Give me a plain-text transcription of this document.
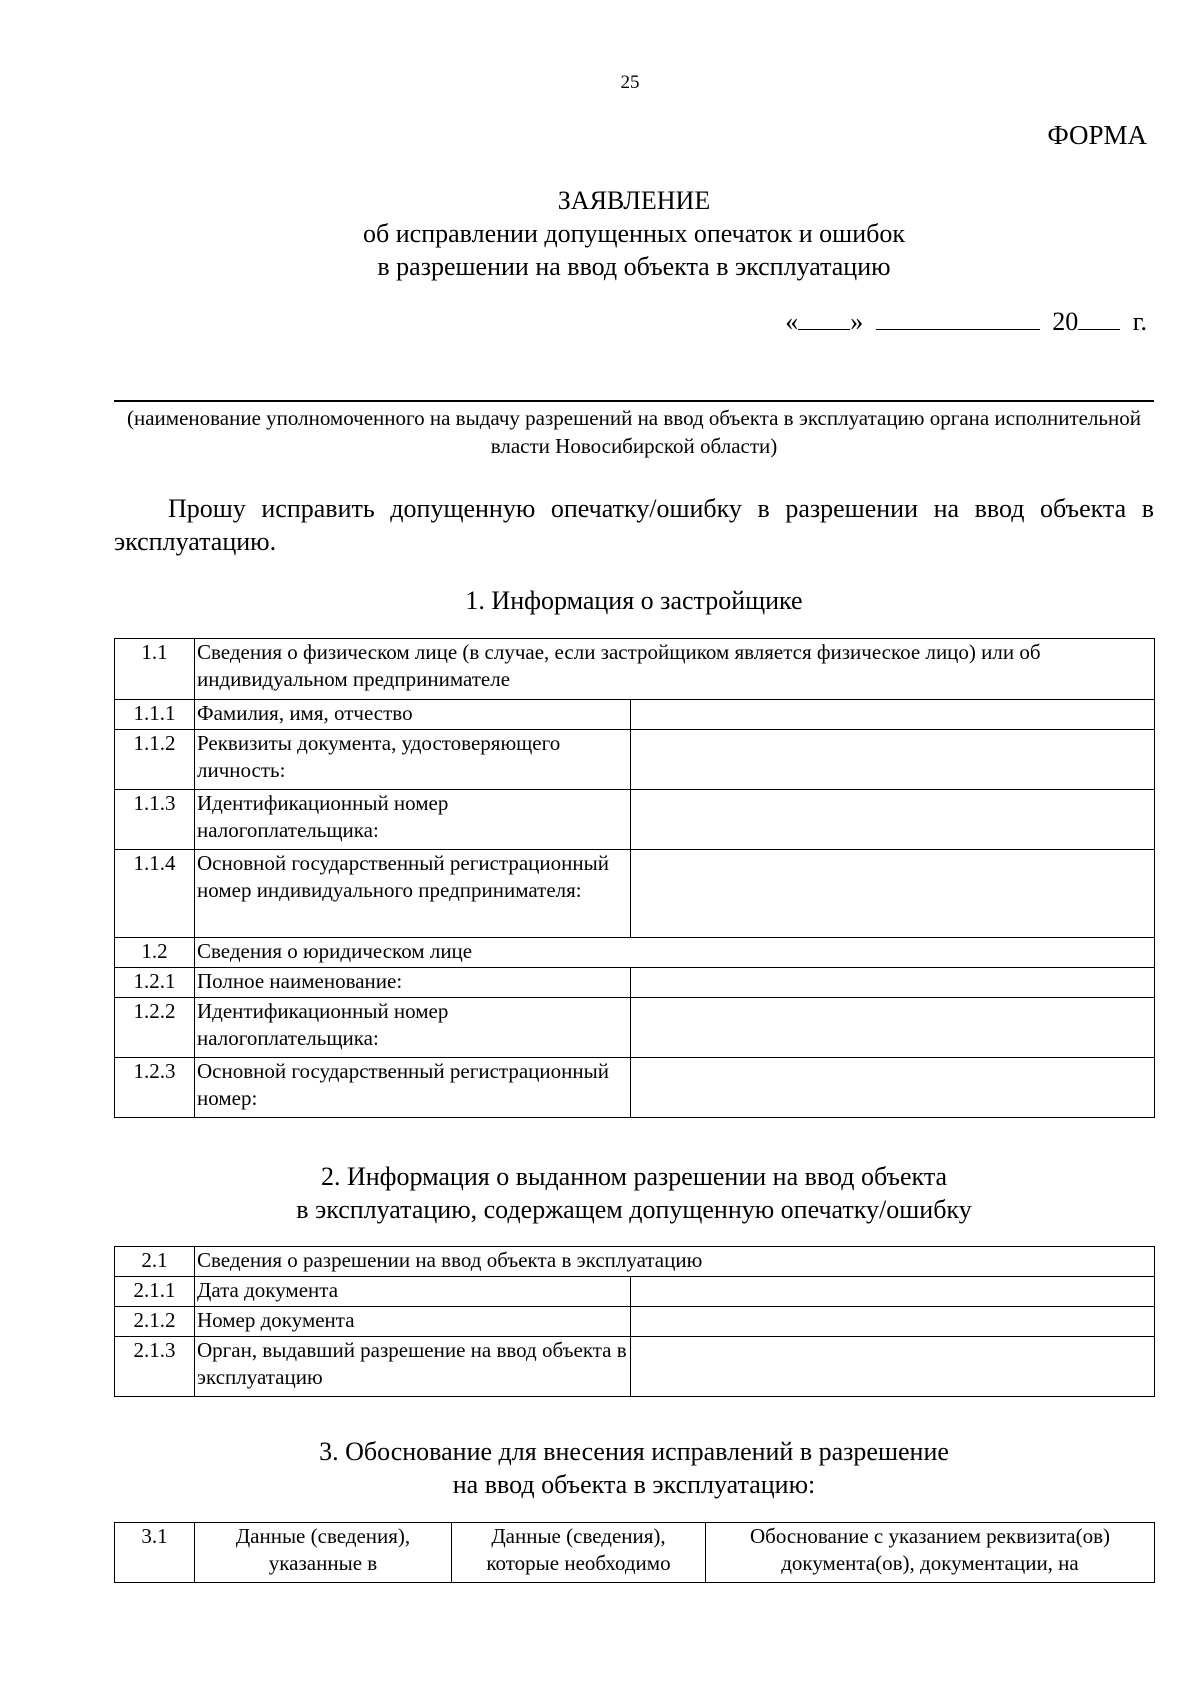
25
ФОРМА
ЗАЯВЛЕНИЕ
об исправлении допущенных опечаток и ошибок
в разрешении на ввод объекта в эксплуатацию
« »	20 г.
(наименование уполномоченного на выдачу разрешений на ввод объекта в эксплуатацию органа исполнительной власти Новосибирской области)

Прошу исправить допущенную опечатку/ошибку в разрешении на ввод объекта в эксплуатацию.

1. Информация о застройщике
1.1	Сведения о физическом лице (в случае, если застройщиком является физическое лицо) или об индивидуальном предпринимателе	
1.1.1	Фамилия, имя, отчество	
1.1.2	Реквизиты документа, удостоверяющего личность:	
1.1.3	Идентификационный номер налогоплательщика:	
1.1.4	Основной государственный регистрационный номер индивидуального предпринимателя:	
1.2	Сведения о юридическом лице	
1.2.1	Полное наименование:	
1.2.2	Идентификационный номер налогоплательщика:	
1.2.3	Основной государственный регистрационный номер:	
2. Информация о выданном разрешении на ввод объекта
в эксплуатацию, содержащем допущенную опечатку/ошибку
2.1	Сведения о разрешении на ввод объекта в эксплуатацию	
2.1.1	Дата документа	
2.1.2	Номер документа	
2.1.3	Орган, выдавший разрешение на ввод объекта в эксплуатацию	
3. Обоснование для внесения исправлений в разрешение
на ввод объекта в эксплуатацию:
3.1	Данные (сведения), указанные в	Данные (сведения), которые необходимо	Обоснование с указанием реквизита(ов) документа(ов), документации, на
